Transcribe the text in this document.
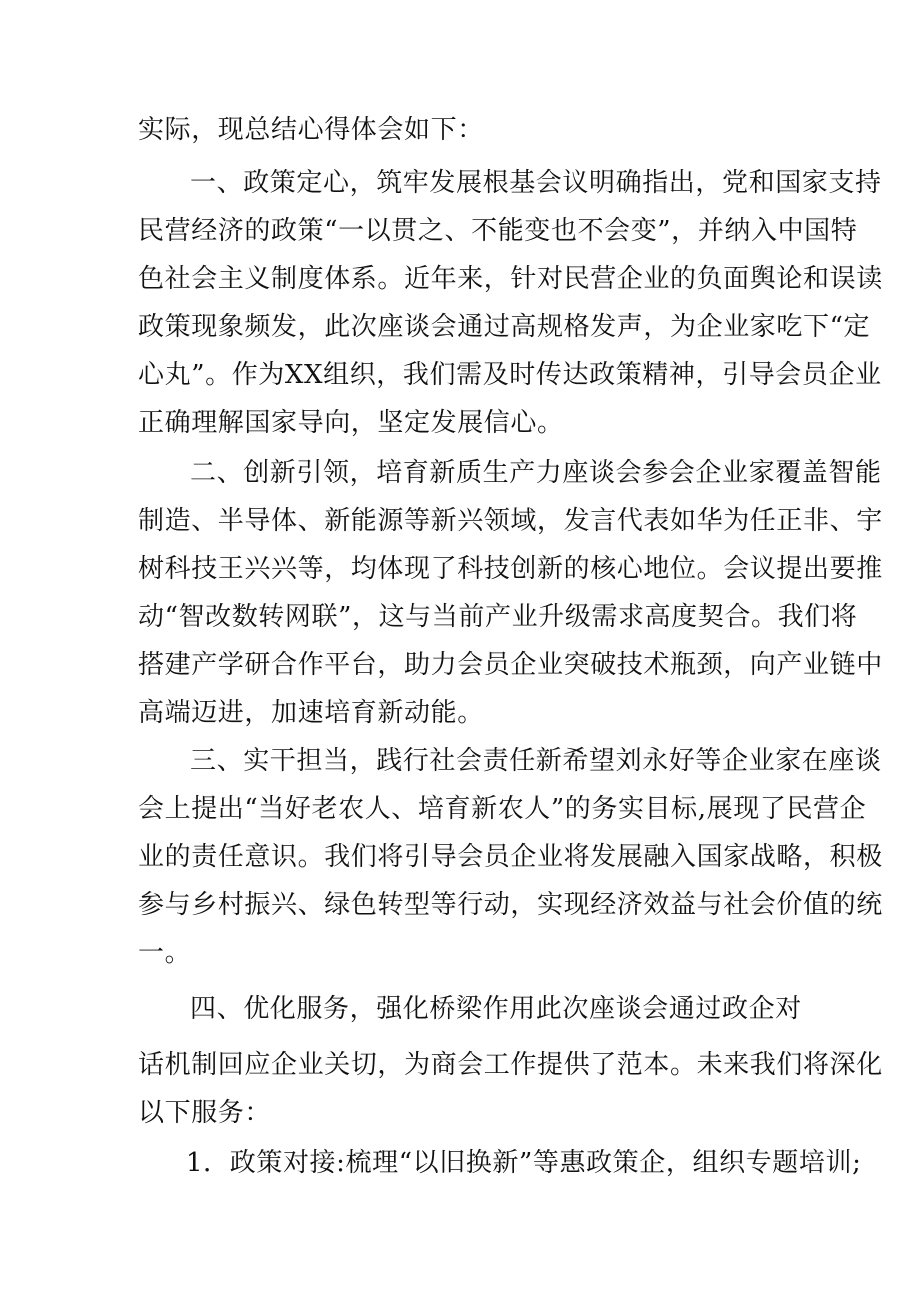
实际，现总结心得体会如下：
一、政策定心，筑牢发展根基会议明确指出，党和国家支持
民营经济的政策“一以贯之、不能变也不会变”，并纳入中国特
色社会主义制度体系。近年来，针对民营企业的负面舆论和误读
政策现象频发，此次座谈会通过高规格发声，为企业家吃下“定
心丸”。作为XX组织，我们需及时传达政策精神，引导会员企业
正确理解国家导向，坚定发展信心。
二、创新引领，培育新质生产力座谈会参会企业家覆盖智能
制造、半导体、新能源等新兴领域，发言代表如华为任正非、宇
树科技王兴兴等，均体现了科技创新的核心地位。会议提出要推
动“智改数转网联”，这与当前产业升级需求高度契合。我们将
搭建产学研合作平台，助力会员企业突破技术瓶颈，向产业链中
高端迈进，加速培育新动能。
三、实干担当，践行社会责任新希望刘永好等企业家在座谈
会上提出“当好老农人、培育新农人”的务实目标,展现了民营企
业的责任意识。我们将引导会员企业将发展融入国家战略，积极
参与乡村振兴、绿色转型等行动，实现经济效益与社会价值的统
一。
四、优化服务，强化桥梁作用此次座谈会通过政企对
话机制回应企业关切，为商会工作提供了范本。未来我们将深化
以下服务：
1．政策对接:梳理“以旧换新”等惠政策企，组织专题培训;
